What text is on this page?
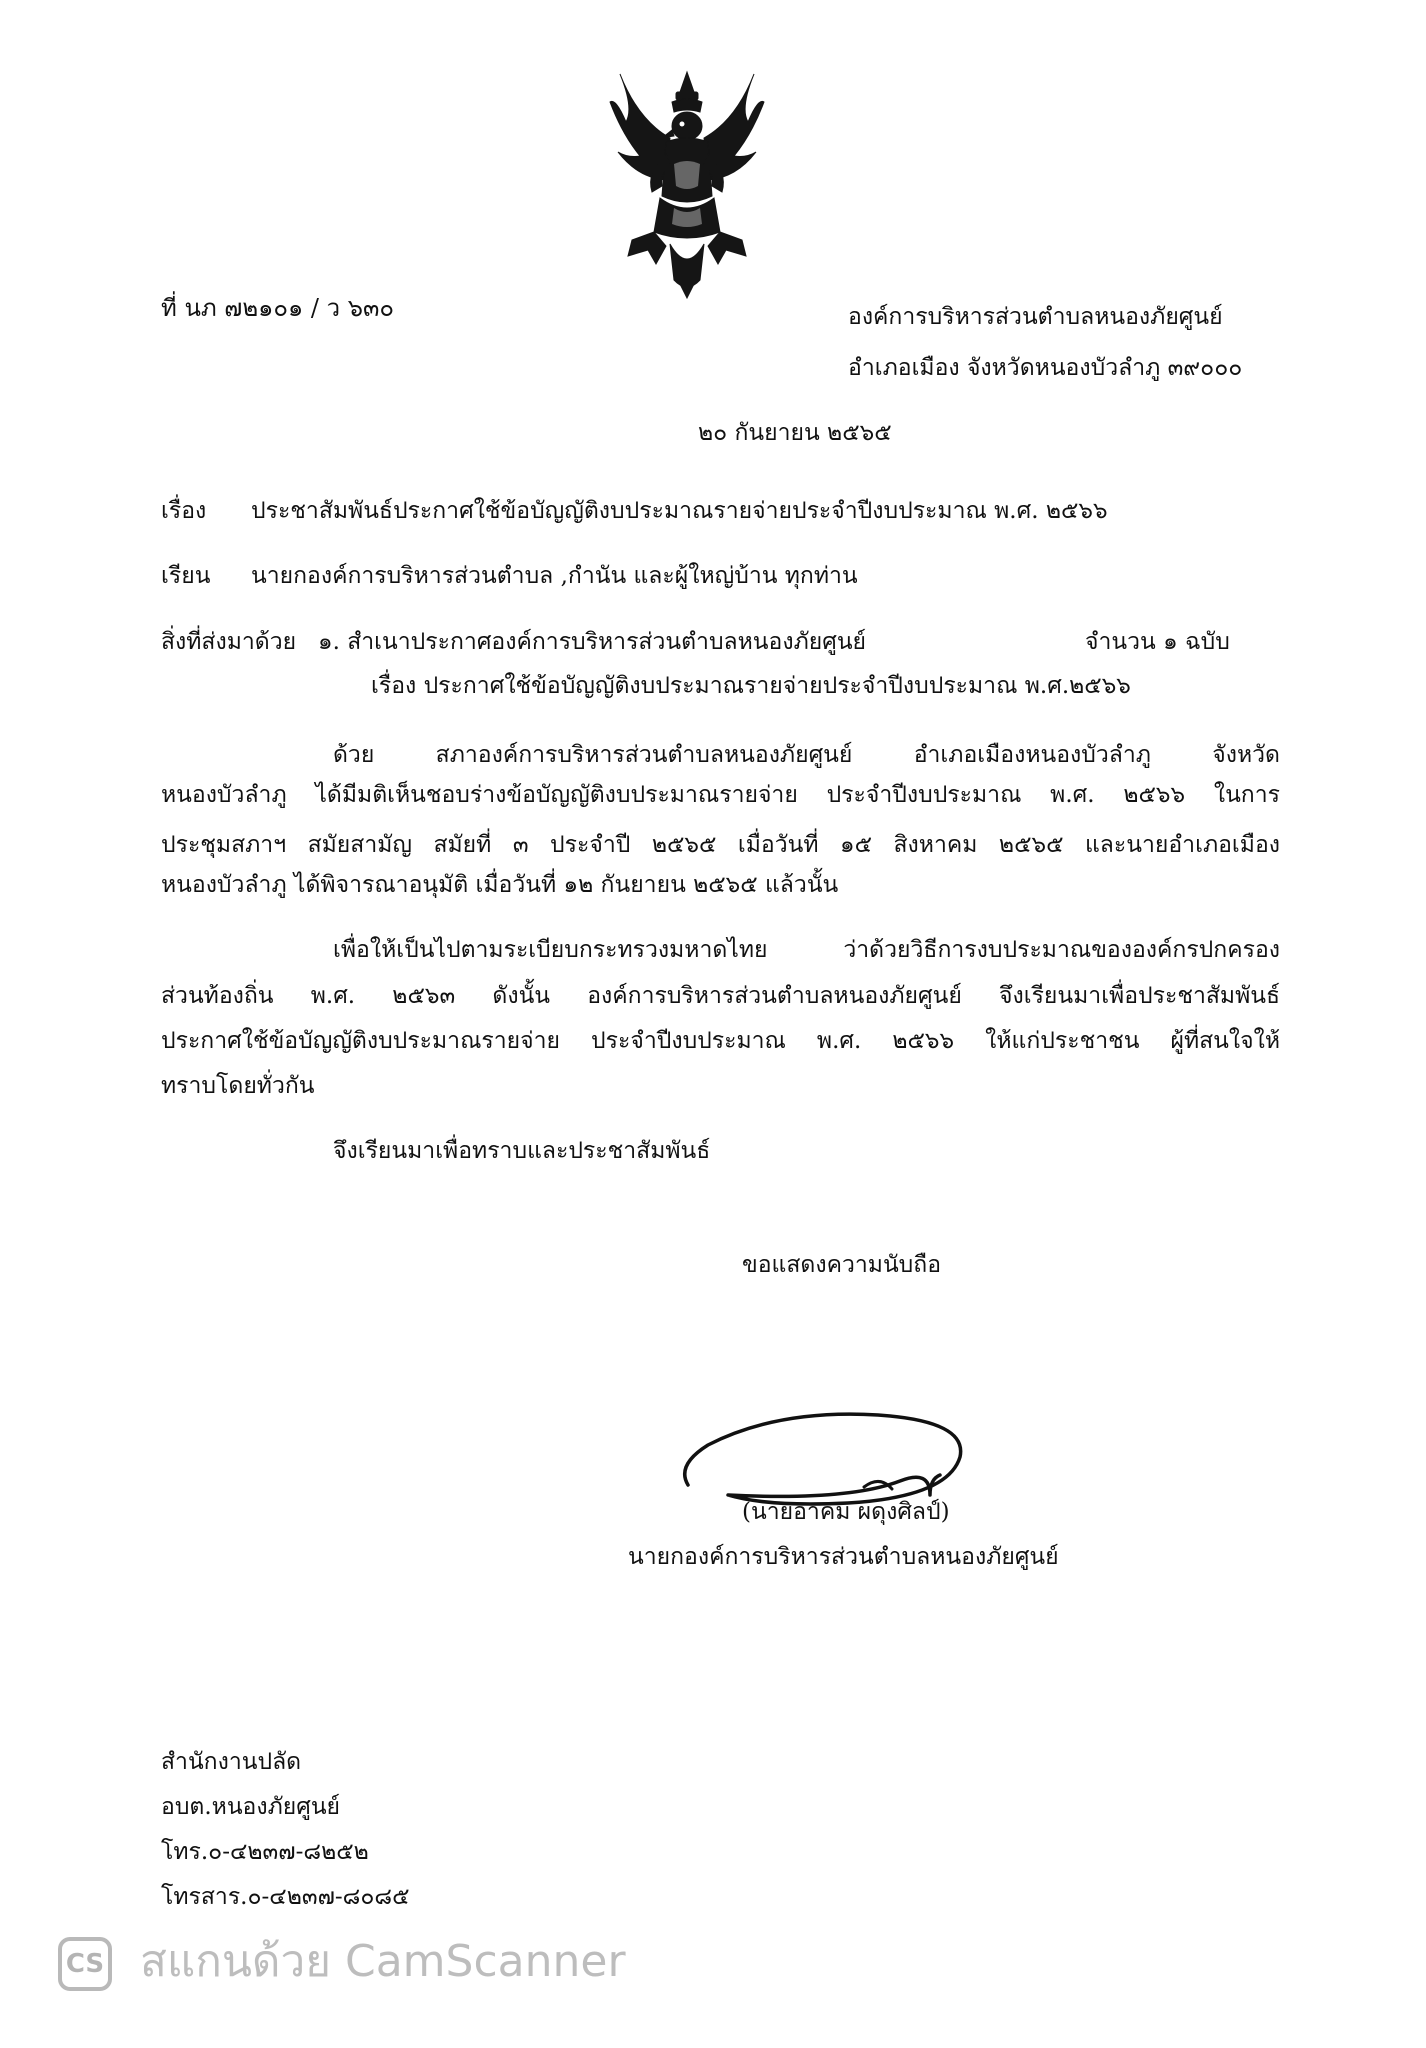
ที่ นภ ๗๒๑๐๑ / ว ๖๓๐	องค์การบริหารส่วนตำบลหนองภัยศูนย์
อำเภอเมือง จังหวัดหนองบัวลำภู ๓๙๐๐๐
๒๐ กันยายน ๒๕๖๕
เรื่อง ประชาสัมพันธ์ประกาศใช้ข้อบัญญัติงบประมาณรายจ่ายประจำปีงบประมาณ พ.ศ. ๒๕๖๖
เรียน นายกองค์การบริหารส่วนตำบล ,กำนัน และผู้ใหญ่บ้าน ทุกท่าน
สิ่งที่ส่งมาด้วย ๑. สำเนาประกาศองค์การบริหารส่วนตำบลหนองภัยศูนย์	จำนวน ๑ ฉบับ
เรื่อง ประกาศใช้ข้อบัญญัติงบประมาณรายจ่ายประจำปีงบประมาณ พ.ศ.๒๕๖๖
ด้วย สภาองค์การบริหารส่วนตำบลหนองภัยศูนย์ อำเภอเมืองหนองบัวลำภู จังหวัด
หนองบัวลำภู ได้มีมติเห็นชอบร่างข้อบัญญัติงบประมาณรายจ่าย ประจำปีงบประมาณ พ.ศ. ๒๕๖๖ ในการ
ประชุมสภาฯ สมัยสามัญ สมัยที่ ๓ ประจำปี ๒๕๖๕ เมื่อวันที่ ๑๕ สิงหาคม ๒๕๖๕ และนายอำเภอเมือง
หนองบัวลำภู ได้พิจารณาอนุมัติ เมื่อวันที่ ๑๒ กันยายน ๒๕๖๕ แล้วนั้น
เพื่อให้เป็นไปตามระเบียบกระทรวงมหาดไทย ว่าด้วยวิธีการงบประมาณขององค์กรปกครอง
ส่วนท้องถิ่น พ.ศ. ๒๕๖๓ ดังนั้น องค์การบริหารส่วนตำบลหนองภัยศูนย์ จึงเรียนมาเพื่อประชาสัมพันธ์
ประกาศใช้ข้อบัญญัติงบประมาณรายจ่าย ประจำปีงบประมาณ พ.ศ. ๒๕๖๖ ให้แก่ประชาชน ผู้ที่สนใจให้
ทราบโดยทั่วกัน
จึงเรียนมาเพื่อทราบและประชาสัมพันธ์
ขอแสดงความนับถือ
(นายอาคม ผดุงศิลป์)
นายกองค์การบริหารส่วนตำบลหนองภัยศูนย์
สำนักงานปลัด
อบต.หนองภัยศูนย์
โทร.๐-๔๒๓๗-๘๒๕๒
โทรสาร.๐-๔๒๓๗-๘๐๘๕
CS สแกนด้วย CamScanner
